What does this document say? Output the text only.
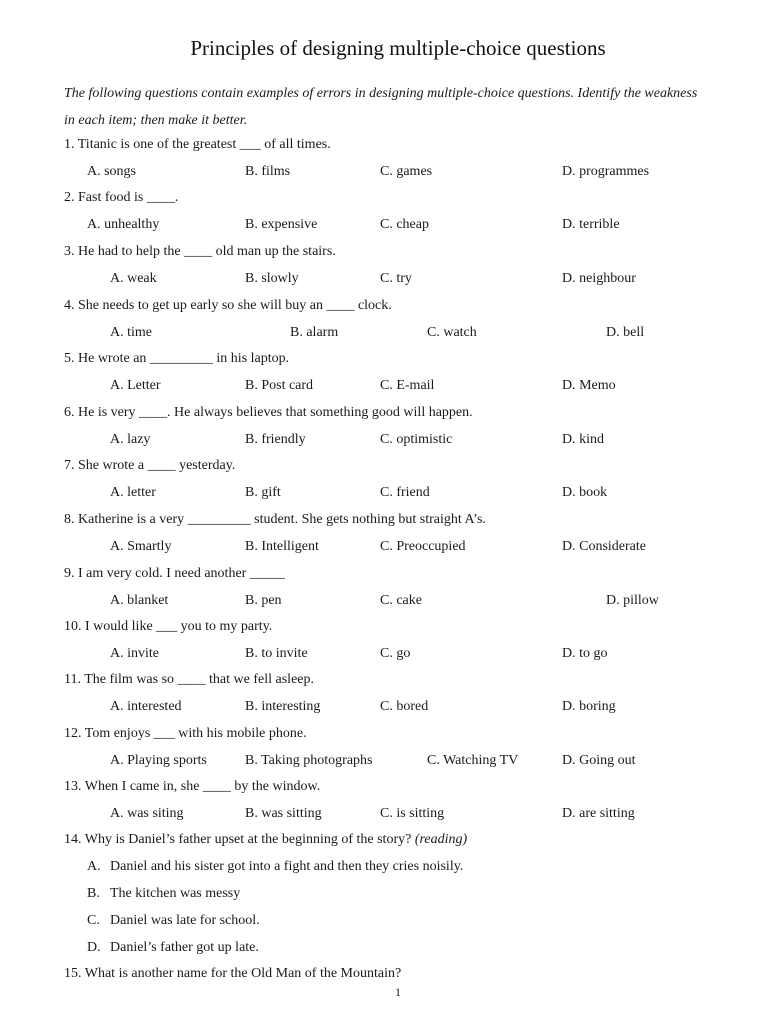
Principles of designing multiple-choice questions
The following questions contain examples of errors in designing multiple-choice questions. Identify the weakness in each item; then make it better.
1. Titanic is one of the greatest ___ of all times.
A. songs	B. films	C. games	D. programmes
2. Fast food is ____.
A. unhealthy	B. expensive	C. cheap	D. terrible
3. He had to help the ____ old man up the stairs.
A. weak	B. slowly	C. try	D. neighbour
4. She needs to get up early so she will buy an ____ clock.
A. time	B. alarm	C. watch	D. bell
5. He wrote an _________ in his laptop.
A. Letter	B. Post card	C. E-mail	D. Memo
6. He is very ____. He always believes that something good will happen.
A. lazy	B. friendly	C. optimistic	D. kind
7. She wrote a ____ yesterday.
A. letter	B. gift	C. friend	D. book
8. Katherine is a very _________ student. She gets nothing but straight A’s.
A. Smartly	B. Intelligent	C. Preoccupied	D. Considerate
9. I am very cold. I need another _____
A. blanket	B. pen	C. cake	D. pillow
10. I would like ___ you to my party.
A. invite	B. to invite	C. go	D. to go
11. The film was so ____ that we fell asleep.
A. interested	B. interesting	C. bored	D. boring
12. Tom enjoys ___ with his mobile phone.
A. Playing sports	B. Taking photographs	C. Watching TV	D. Going out
13. When I came in, she ____ by the window.
A. was siting	B. was sitting	C. is sitting	D. are sitting
14. Why is Daniel’s father upset at the beginning of the story? (reading)
A. Daniel and his sister got into a fight and then they cries noisily.
B. The kitchen was messy
C. Daniel was late for school.
D. Daniel’s father got up late.
15. What is another name for the Old Man of the Mountain?
1
